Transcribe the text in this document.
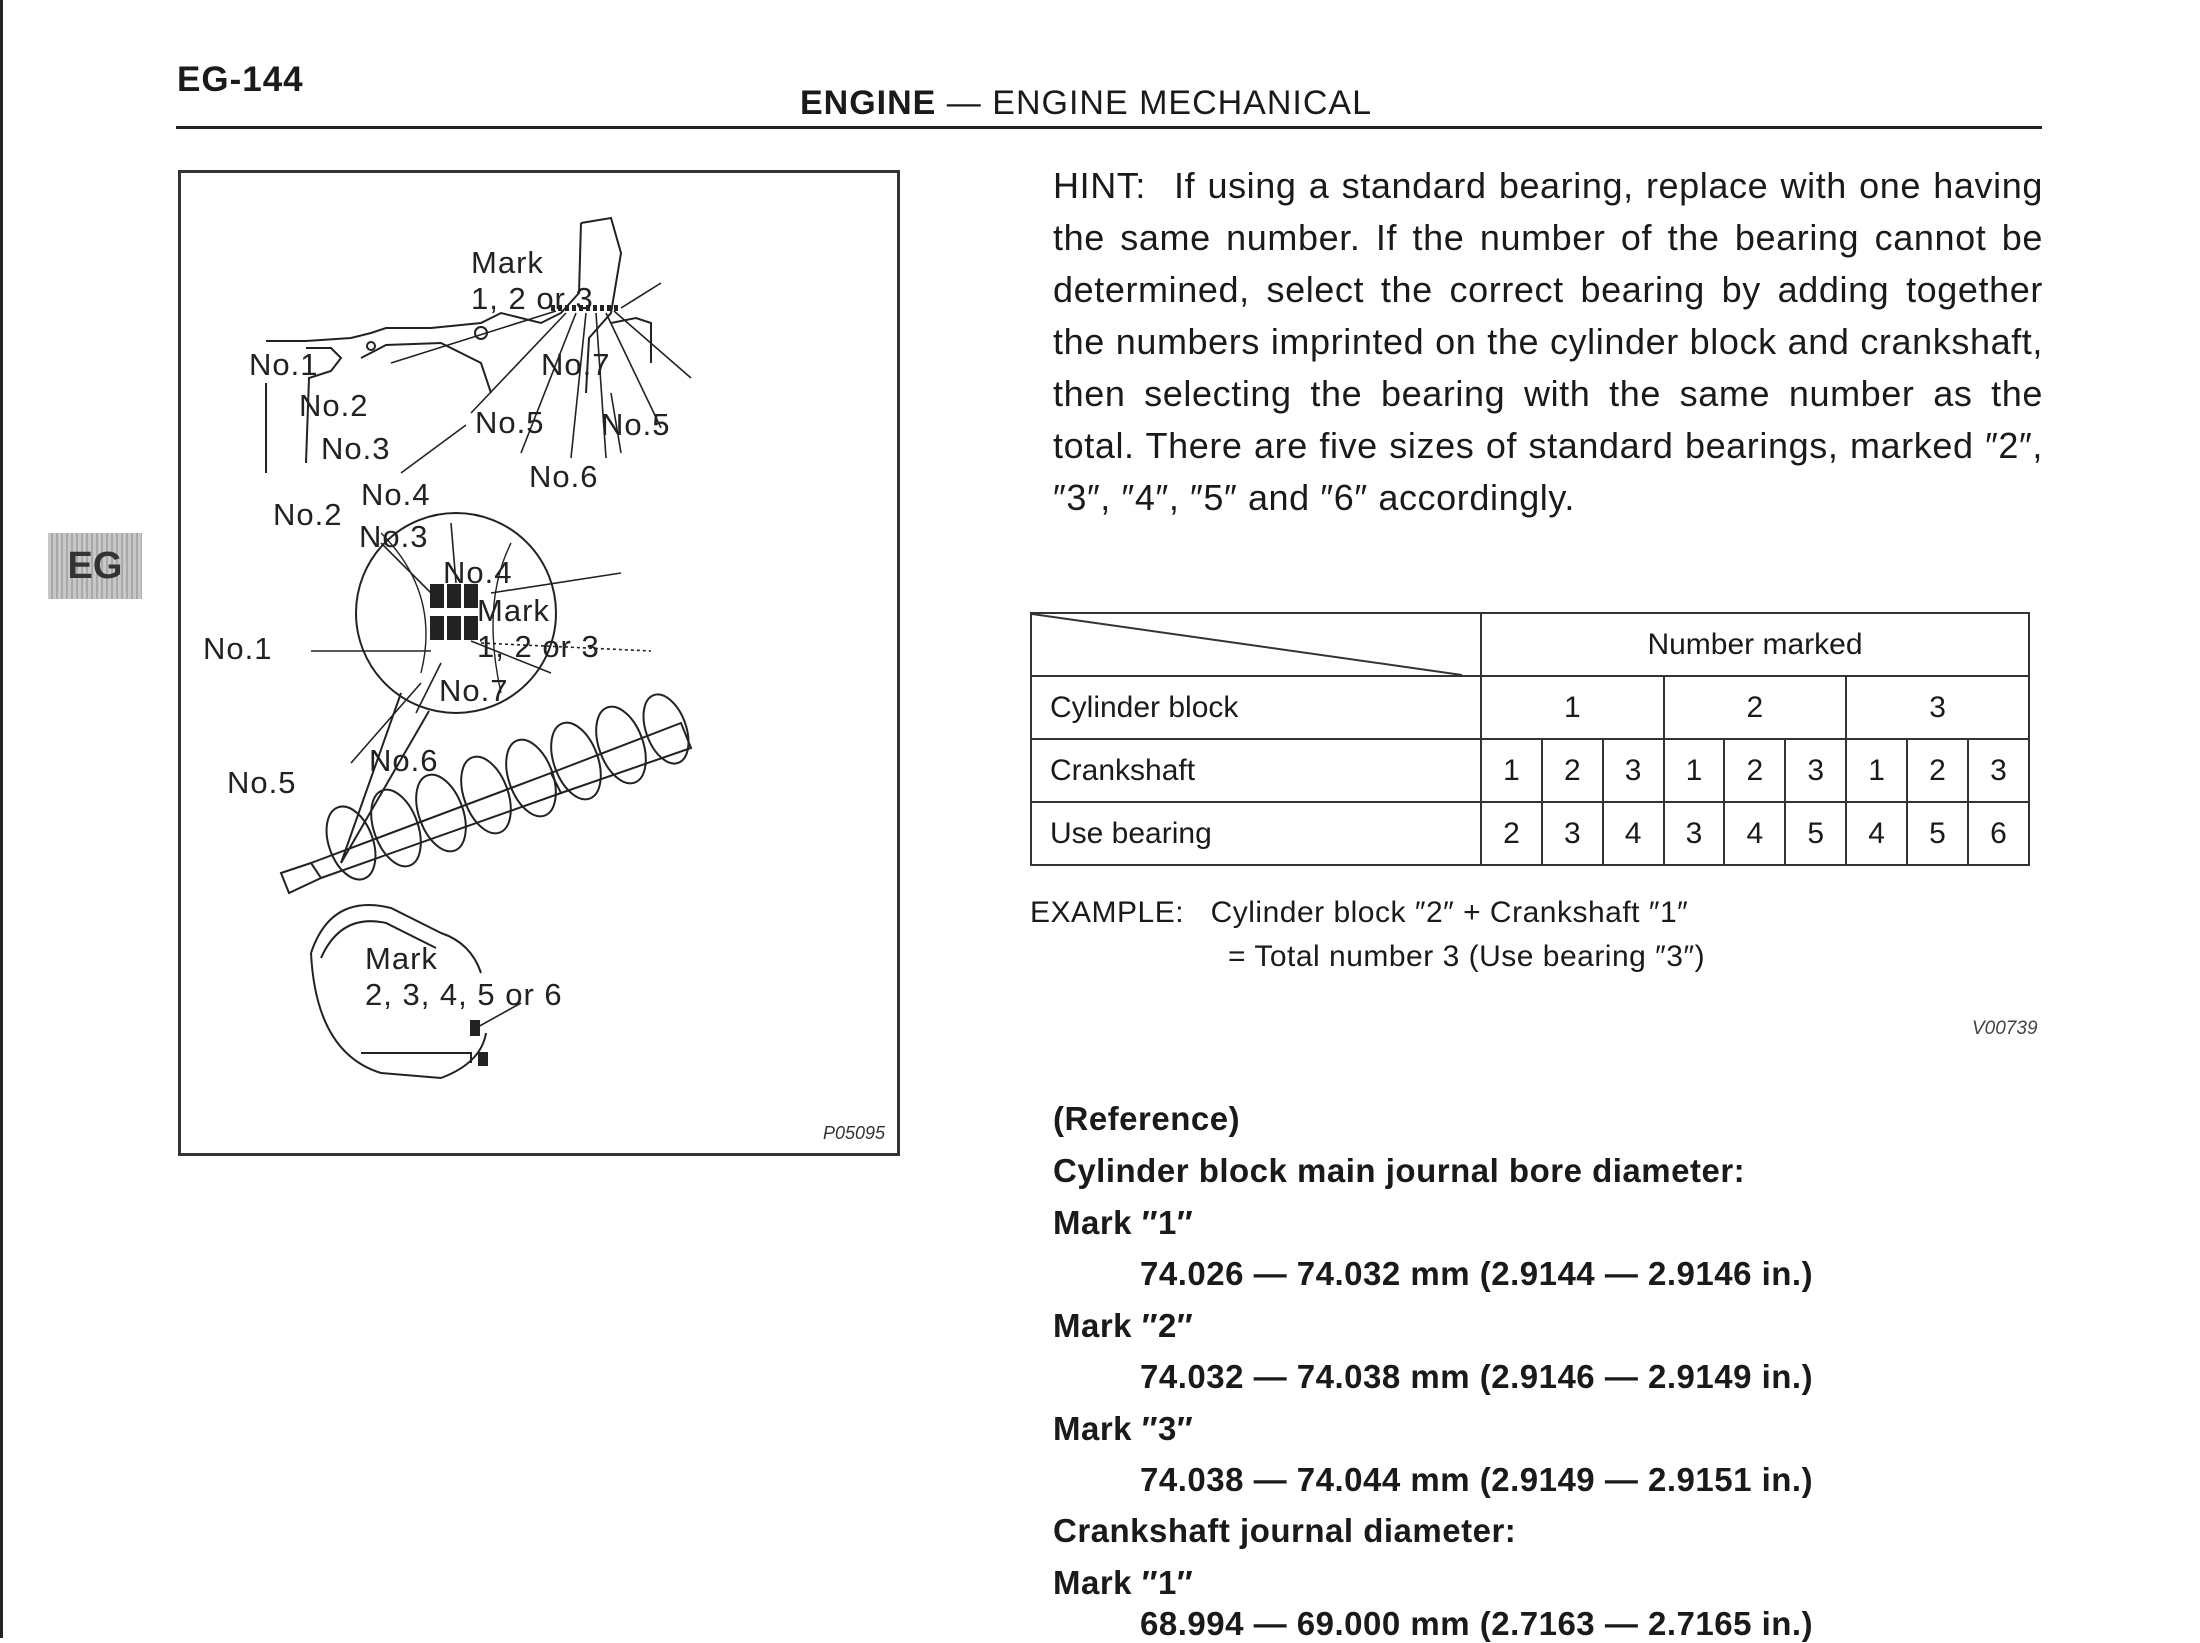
EG-144
ENGINE — ENGINE MECHANICAL
EG
Mark
1, 2 or 3
No.1
No.2
No.3
No.4
No.5
No.5
No.6
No.7
No.2
No.3
No.4
Mark
1, 2 or 3
No.1
No.7
No.5
No.6
Mark
2, 3, 4, 5 or 6
P05095
HINT: If using a standard bearing, replace with one having the same number. If the number of the bearing cannot be determined, select the correct bearing by adding together the numbers imprinted on the cylinder block and crankshaft, then selecting the bearing with the same number as the total. There are five sizes of standard bearings, marked ″2″, ″3″, ″4″, ″5″ and ″6″ accordingly.
	Number marked								
Cylinder block	1			2			3		
Crankshaft	1	2	3	1	2	3	1	2	3
Use bearing	2	3	4	3	4	5	4	5	6
EXAMPLE: Cylinder block ″2″ + Crankshaft ″1″
= Total number 3 (Use bearing ″3″)
V00739
(Reference)
Cylinder block main journal bore diameter:
Mark ″1″
74.026 — 74.032 mm (2.9144 — 2.9146 in.)
Mark ″2″
74.032 — 74.038 mm (2.9146 — 2.9149 in.)
Mark ″3″
74.038 — 74.044 mm (2.9149 — 2.9151 in.)
Crankshaft journal diameter:
Mark ″1″
68.994 — 69.000 mm (2.7163 — 2.7165 in.)
